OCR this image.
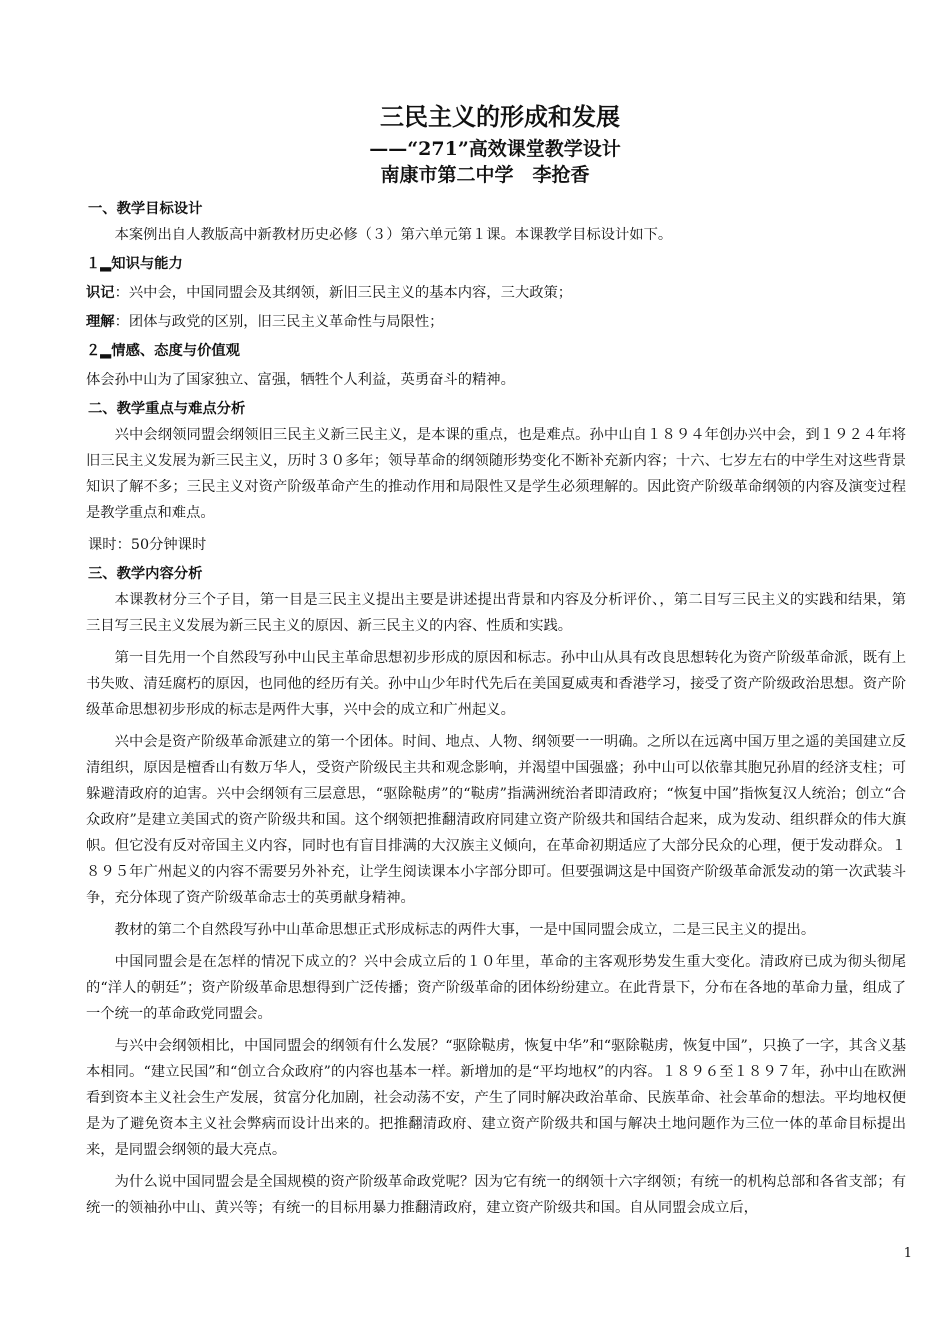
三民主义的形成和发展

——“271”高效课堂教学设计

南康市第二中学　李抢香

一、教学目标设计

本案例出自人教版高中新教材历史必修（３）第六单元第１课。本课教学目标设计如下。

１▂知识与能力

识记：兴中会，中国同盟会及其纲领，新旧三民主义的基本内容，三大政策；

理解：团体与政党的区别，旧三民主义革命性与局限性；

２▂情感、态度与价值观

体会孙中山为了国家独立、富强，牺牲个人利益，英勇奋斗的精神。

二、教学重点与难点分析

兴中会纲领同盟会纲领旧三民主义新三民主义，是本课的重点，也是难点。孙中山自１８９４年创办兴中会，到１９２４年将旧三民主义发展为新三民主义，历时３０多年；领导革命的纲领随形势变化不断补充新内容；十六、七岁左右的中学生对这些背景知识了解不多；三民主义对资产阶级革命产生的推动作用和局限性又是学生必须理解的。因此资产阶级革命纲领的内容及演变过程是教学重点和难点。

课时：50分钟课时

三、教学内容分析

本课教材分三个子目，第一目是三民主义提出主要是讲述提出背景和内容及分析评价、，第二目写三民主义的实践和结果，第三目写三民主义发展为新三民主义的原因、新三民主义的内容、性质和实践。

第一目先用一个自然段写孙中山民主革命思想初步形成的原因和标志。孙中山从具有改良思想转化为资产阶级革命派，既有上书失败、清廷腐朽的原因，也同他的经历有关。孙中山少年时代先后在美国夏威夷和香港学习，接受了资产阶级政治思想。资产阶级革命思想初步形成的标志是两件大事，兴中会的成立和广州起义。

兴中会是资产阶级革命派建立的第一个团体。时间、地点、人物、纲领要一一明确。之所以在远离中国万里之遥的美国建立反清组织，原因是檀香山有数万华人，受资产阶级民主共和观念影响，并渴望中国强盛；孙中山可以依靠其胞兄孙眉的经济支柱；可躲避清政府的迫害。兴中会纲领有三层意思，“驱除鞑虏”的“鞑虏”指满洲统治者即清政府；“恢复中国”指恢复汉人统治；创立“合众政府”是建立美国式的资产阶级共和国。这个纲领把推翻清政府同建立资产阶级共和国结合起来，成为发动、组织群众的伟大旗帜。但它没有反对帝国主义内容，同时也有盲目排满的大汉族主义倾向，在革命初期适应了大部分民众的心理，便于发动群众。１８９５年广州起义的内容不需要另外补充，让学生阅读课本小字部分即可。但要强调这是中国资产阶级革命派发动的第一次武装斗争，充分体现了资产阶级革命志士的英勇献身精神。

教材的第二个自然段写孙中山革命思想正式形成标志的两件大事，一是中国同盟会成立，二是三民主义的提出。

中国同盟会是在怎样的情况下成立的？兴中会成立后的１０年里，革命的主客观形势发生重大变化。清政府已成为彻头彻尾的“洋人的朝廷”；资产阶级革命思想得到广泛传播；资产阶级革命的团体纷纷建立。在此背景下，分布在各地的革命力量，组成了一个统一的革命政党同盟会。

与兴中会纲领相比，中国同盟会的纲领有什么发展？“驱除鞑虏，恢复中华”和“驱除鞑虏，恢复中国”，只换了一字，其含义基本相同。“建立民国”和“创立合众政府”的内容也基本一样。新增加的是“平均地权”的内容。１８９６至１８９７年，孙中山在欧洲看到资本主义社会生产发展，贫富分化加剧，社会动荡不安，产生了同时解决政治革命、民族革命、社会革命的想法。平均地权便是为了避免资本主义社会弊病而设计出来的。把推翻清政府、建立资产阶级共和国与解决土地问题作为三位一体的革命目标提出来，是同盟会纲领的最大亮点。

为什么说中国同盟会是全国规模的资产阶级革命政党呢？因为它有统一的纲领十六字纲领；有统一的机构总部和各省支部；有统一的领袖孙中山、黄兴等；有统一的目标用暴力推翻清政府，建立资产阶级共和国。自从同盟会成立后，

1
